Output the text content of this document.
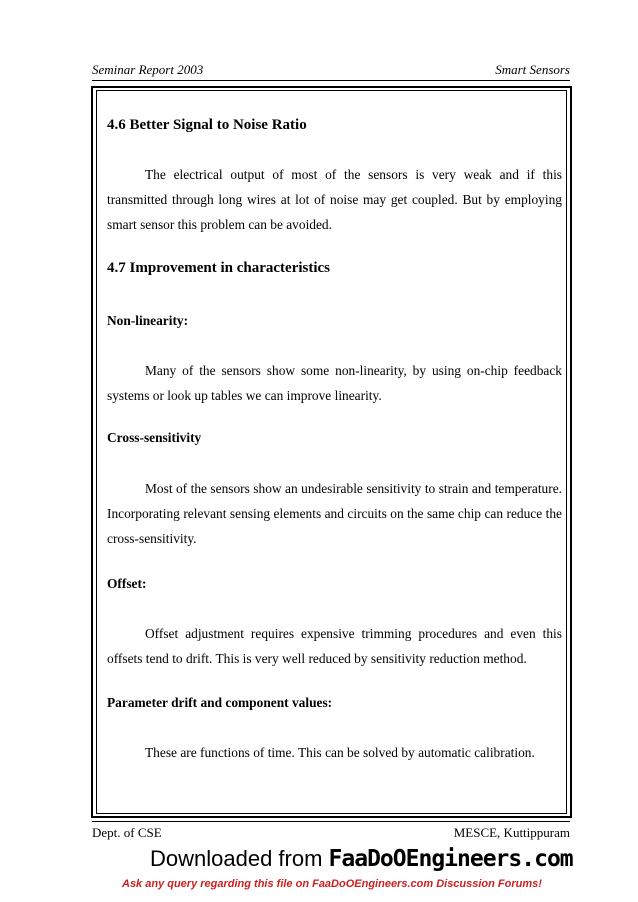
Seminar Report 2003	Smart Sensors
4.6 Better Signal to Noise Ratio

The electrical output of most of the sensors is very weak and if this transmitted through long wires at lot of noise may get coupled. But by employing smart sensor this problem can be avoided.

4.7 Improvement in characteristics
Non-linearity:

Many of the sensors show some non-linearity, by using on-chip feedback systems or look up tables we can improve linearity.

Cross-sensitivity

Most of the sensors show an undesirable sensitivity to strain and temperature. Incorporating relevant sensing elements and circuits on the same chip can reduce the cross-sensitivity.

Offset:

Offset adjustment requires expensive trimming procedures and even this offsets tend to drift. This is very well reduced by sensitivity reduction method.

Parameter drift and component values:

These are functions of time. This can be solved by automatic calibration.

Dept. of CSE	MESCE, Kuttippuram
Downloaded from FaaDoOEngineers.com
Ask any query regarding this file on FaaDoOEngineers.com Discussion Forums!
